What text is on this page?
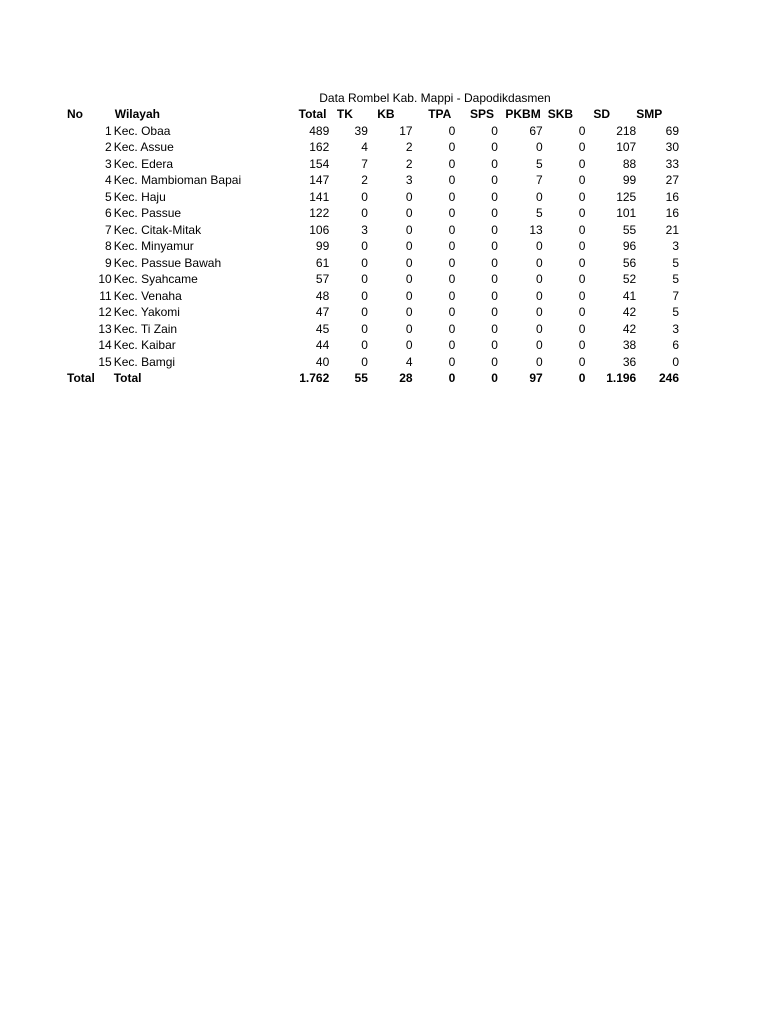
Data Rombel Kab. Mappi - Dapodikdasmen
No	Wilayah	Total	TK	KB	TPA	SPS	PKBM	SKB	SD	SMP
1	Kec. Obaa	489	39	17	0	0	67	0	218	69
2	Kec. Assue	162	4	2	0	0	0	0	107	30
3	Kec. Edera	154	7	2	0	0	5	0	88	33
4	Kec. Mambioman Bapai	147	2	3	0	0	7	0	99	27
5	Kec. Haju	141	0	0	0	0	0	0	125	16
6	Kec. Passue	122	0	0	0	0	5	0	101	16
7	Kec. Citak-Mitak	106	3	0	0	0	13	0	55	21
8	Kec. Minyamur	99	0	0	0	0	0	0	96	3
9	Kec. Passue Bawah	61	0	0	0	0	0	0	56	5
10	Kec. Syahcame	57	0	0	0	0	0	0	52	5
11	Kec. Venaha	48	0	0	0	0	0	0	41	7
12	Kec. Yakomi	47	0	0	0	0	0	0	42	5
13	Kec. Ti Zain	45	0	0	0	0	0	0	42	3
14	Kec. Kaibar	44	0	0	0	0	0	0	38	6
15	Kec. Bamgi	40	0	4	0	0	0	0	36	0
Total	Total	1.762	55	28	0	0	97	0	1.196	246
